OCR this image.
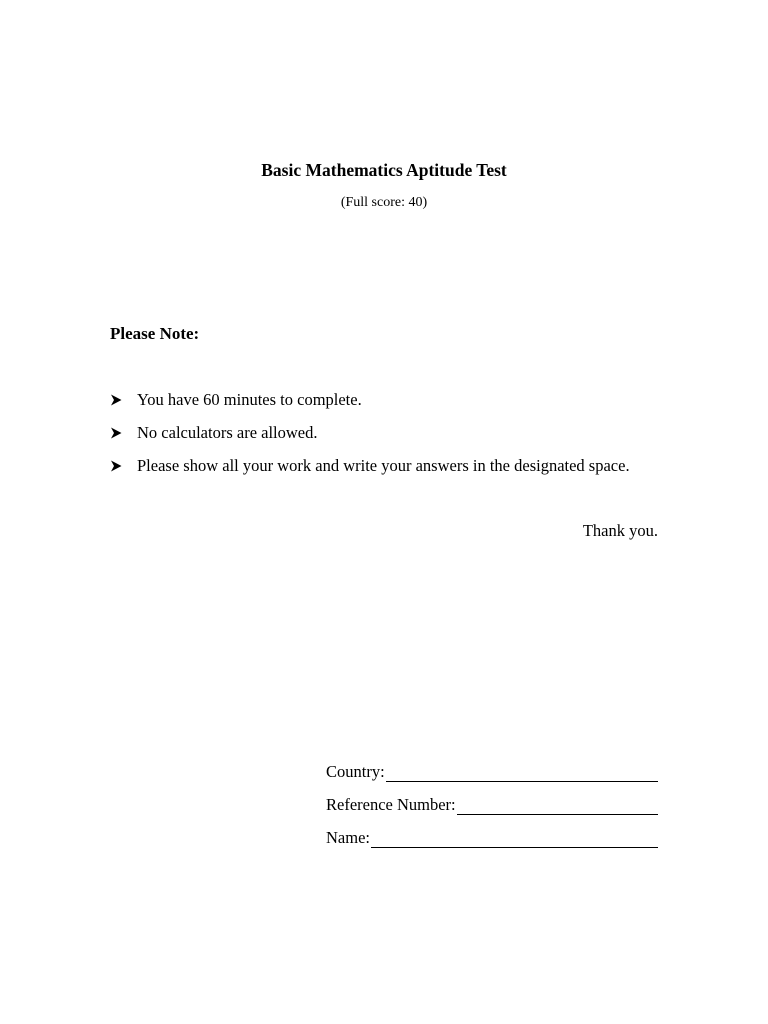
Basic Mathematics Aptitude Test
(Full score: 40)
Please Note:
You have 60 minutes to complete.
No calculators are allowed.
Please show all your work and write your answers in the designated space.
Thank you.
Country:
Reference Number:
Name:
